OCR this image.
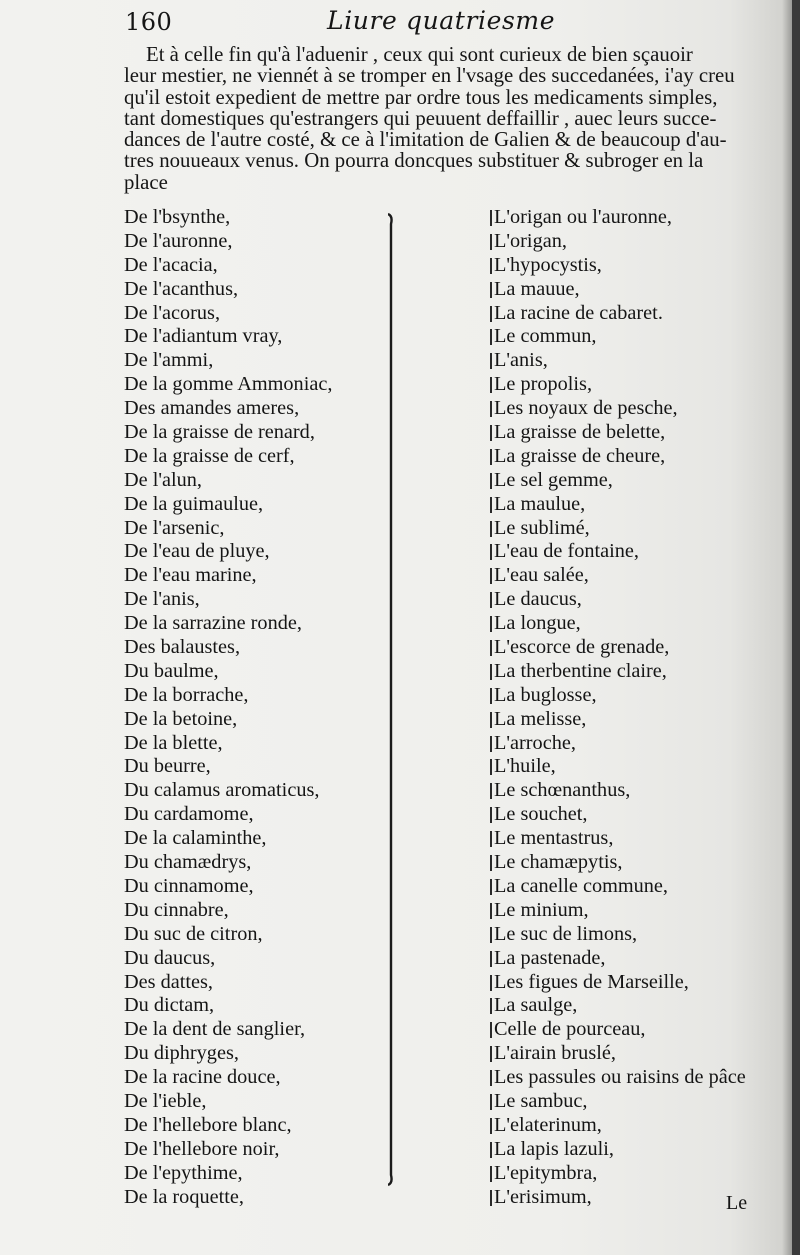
160	Liure quatriesme

Et à celle fin qu'à l'aduenir , ceux qui sont curieux de bien sçauoir

leur mestier, ne viennét à se tromper en l'vsage des succedanées, i'ay creu

qu'il estoit expedient de mettre par ordre tous les medicaments simples,

tant domestiques qu'estrangers qui peuuent deffaillir , auec leurs succe-

dances de l'autre costé, & ce à l'imitation de Galien & de beaucoup d'au-

tres nouueaux venus. On pourra doncques substituer & subroger en la

place

De l'bsynthe,	L'origan ou l'auronne,
De l'auronne,	L'origan,
De l'acacia,	L'hypocystis,
De l'acanthus,	La mauue,
De l'acorus,	La racine de cabaret.
De l'adiantum vray,	Le commun,
De l'ammi,	L'anis,
De la gomme Ammoniac,	Le propolis,
Des amandes ameres,	Les noyaux de pesche,
De la graisse de renard,	La graisse de belette,
De la graisse de cerf,	La graisse de cheure,
De l'alun,	Le sel gemme,
De la guimaulue,	La maulue,
De l'arsenic,	Le sublimé,
De l'eau de pluye,	L'eau de fontaine,
De l'eau marine,	L'eau salée,
De l'anis,	Le daucus,
De la sarrazine ronde,	La longue,
Des balaustes,	L'escorce de grenade,
Du baulme,	La therbentine claire,
De la borrache,	La buglosse,
De la betoine,	La melisse,
De la blette,	L'arroche,
Du beurre,	L'huile,
Du calamus aromaticus,	Le schœnanthus,
Du cardamome,	Le souchet,
De la calaminthe,	Le mentastrus,
Du chamædrys,	Le chamæpytis,
Du cinnamome,	La canelle commune,
Du cinnabre,	Le minium,
Du suc de citron,	Le suc de limons,
Du daucus,	La pastenade,
Des dattes,	Les figues de Marseille,
Du dictam,	La saulge,
De la dent de sanglier,	Celle de pourceau,
Du diphryges,	L'airain bruslé,
De la racine douce,	Les passules ou raisins de pâce
De l'ieble,	Le sambuc,
De l'hellebore blanc,	L'elaterinum,
De l'hellebore noir,	La lapis lazuli,
De l'epythime,	L'epitymbra,
De la roquette,	L'erisimum,	Le
